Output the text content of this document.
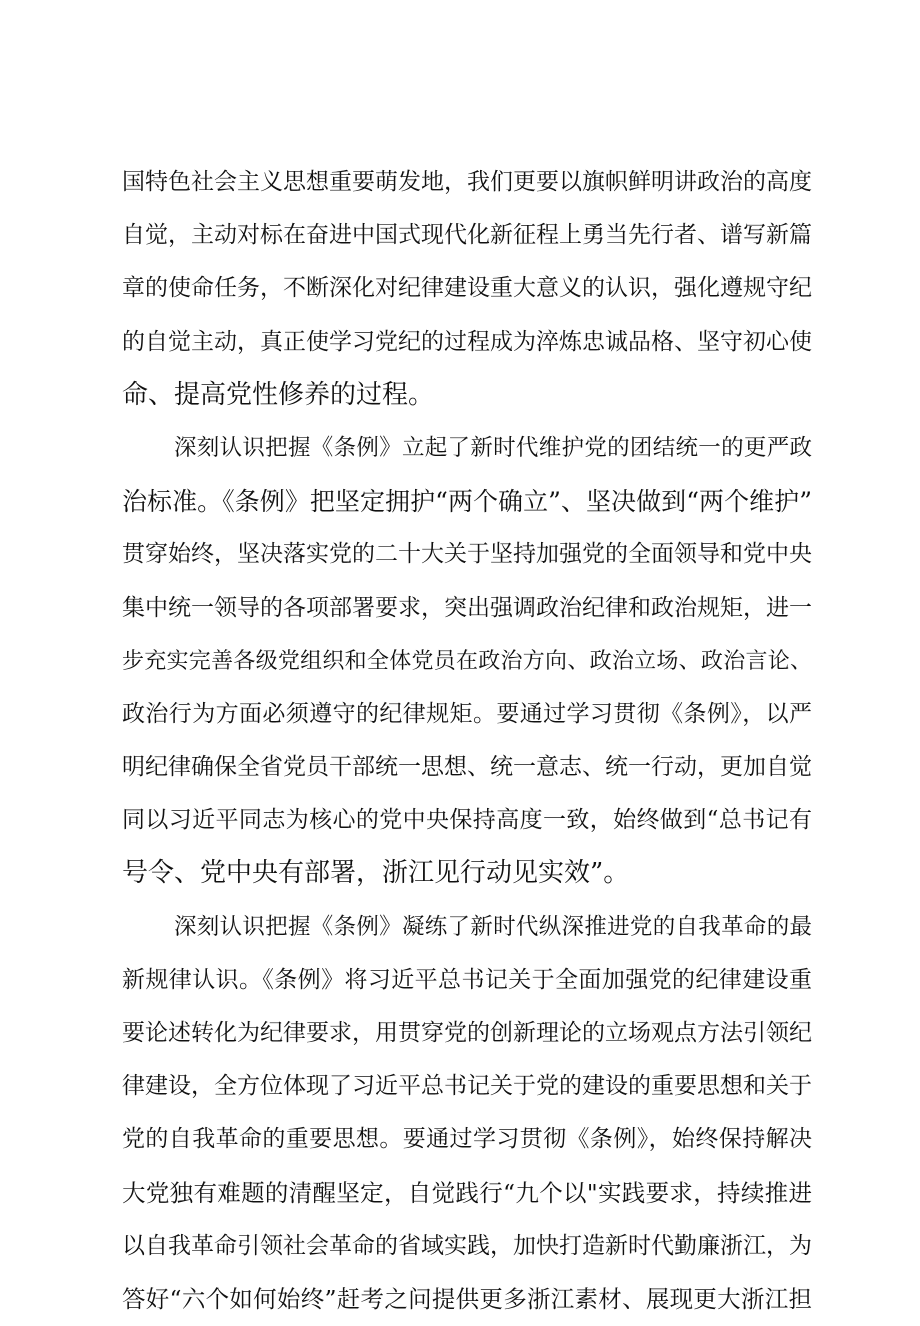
国特色社会主义思想重要萌发地，我们更要以旗帜鲜明讲政治的高度
自觉，主动对标在奋进中国式现代化新征程上勇当先行者、谱写新篇
章的使命任务，不断深化对纪律建设重大意义的认识，强化遵规守纪
的自觉主动，真正使学习党纪的过程成为淬炼忠诚品格、坚守初心使
命、提高党性修养的过程。
深刻认识把握《条例》立起了新时代维护党的团结统一的更严政
治标准。《条例》把坚定拥护“两个确立”、坚决做到“两个维护”
贯穿始终，坚决落实党的二十大关于坚持加强党的全面领导和党中央
集中统一领导的各项部署要求，突出强调政治纪律和政治规矩，进一
步充实完善各级党组织和全体党员在政治方向、政治立场、政治言论、
政治行为方面必须遵守的纪律规矩。要通过学习贯彻《条例》，以严
明纪律确保全省党员干部统一思想、统一意志、统一行动，更加自觉
同以习近平同志为核心的党中央保持高度一致，始终做到“总书记有
号令、党中央有部署，浙江见行动见实效”。
深刻认识把握《条例》凝练了新时代纵深推进党的自我革命的最
新规律认识。《条例》将习近平总书记关于全面加强党的纪律建设重
要论述转化为纪律要求，用贯穿党的创新理论的立场观点方法引领纪
律建设，全方位体现了习近平总书记关于党的建设的重要思想和关于
党的自我革命的重要思想。要通过学习贯彻《条例》，始终保持解决
大党独有难题的清醒坚定，自觉践行“九个以"实践要求，持续推进
以自我革命引领社会革命的省域实践，加快打造新时代勤廉浙江，为
答好“六个如何始终”赶考之问提供更多浙江素材、展现更大浙江担
